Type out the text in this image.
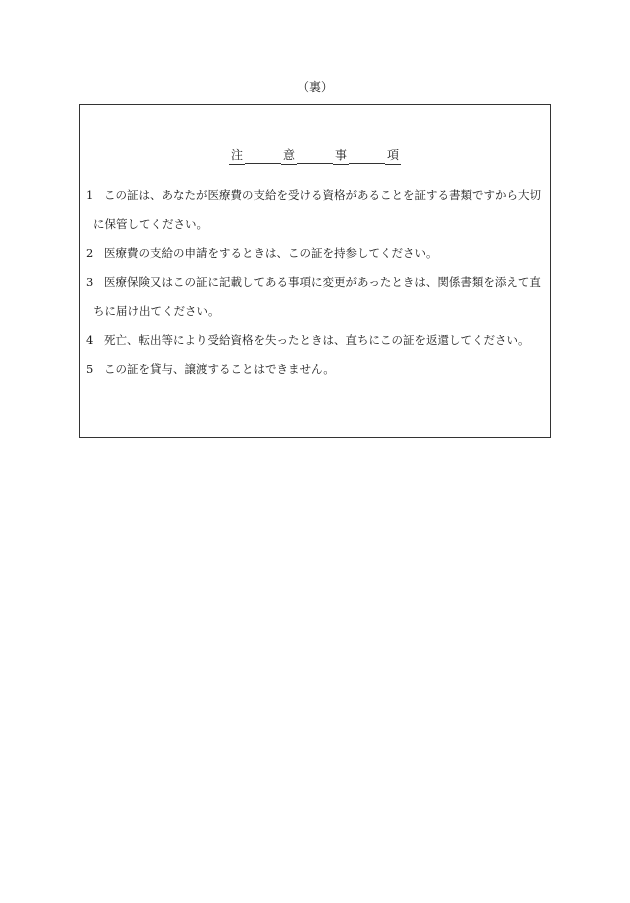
（裏）
注	意	事	項
1 この証は、あなたが医療費の支給を受ける資格があることを証する書類ですから大切
に保管してください。
2 医療費の支給の申請をするときは、この証を持参してください。
3 医療保険又はこの証に記載してある事項に変更があったときは、関係書類を添えて直
ちに届け出てください。
4 死亡、転出等により受給資格を失ったときは、直ちにこの証を返還してください。
5 この証を貸与、譲渡することはできません。
